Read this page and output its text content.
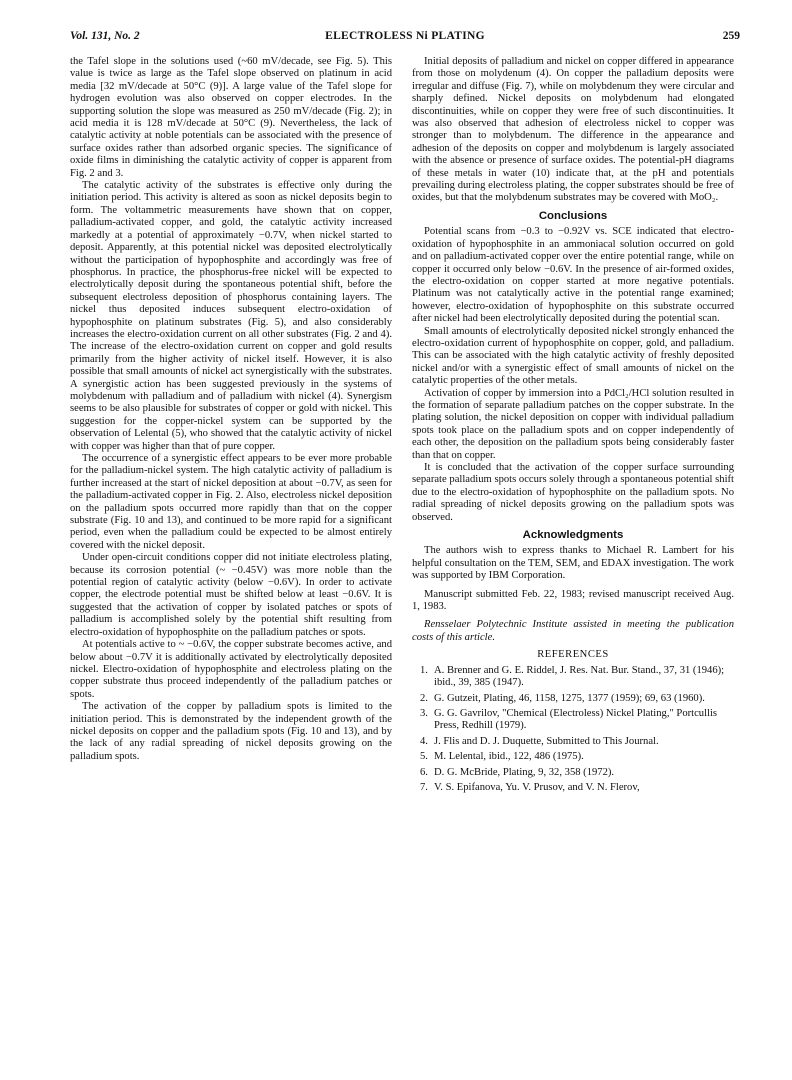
Vol. 131, No. 2	ELECTROLESS Ni PLATING	259

the Tafel slope in the solutions used (~60 mV/decade, see Fig. 5). This value is twice as large as the Tafel slope observed on platinum in acid media [32 mV/decade at 50°C (9)]. A large value of the Tafel slope for hydrogen evolution was also observed on copper electrodes. In the supporting solution the slope was measured as 250 mV/decade (Fig. 2); in acid media it is 128 mV/decade at 50°C (9). Nevertheless, the lack of catalytic activity at noble potentials can be associated with the presence of surface oxides rather than adsorbed organic species. The significance of oxide films in diminishing the catalytic activity of copper is apparent from Fig. 2 and 3.

The catalytic activity of the substrates is effective only during the initiation period. This activity is altered as soon as nickel deposits begin to form. The voltammetric measurements have shown that on copper, palladium-activated copper, and gold, the catalytic activity increased markedly at a potential of approximately −0.7V, when nickel started to deposit. Apparently, at this potential nickel was deposited electrolytically without the participation of hypophosphite and accordingly was free of phosphorus. In practice, the phosphorus-free nickel will be expected to electrolytically deposit during the spontaneous potential shift, before the subsequent electroless deposition of phosphorus containing layers. The nickel thus deposited induces subsequent electro-oxidation of hypophosphite on platinum substrates (Fig. 5), and also considerably increases the electro-oxidation current on all other substrates (Fig. 2 and 4). The increase of the electro-oxidation current on copper and gold results primarily from the higher activity of nickel itself. However, it is also possible that small amounts of nickel act synergistically with the substrates. A synergistic action has been suggested previously in the systems of molybdenum with palladium and of palladium with nickel (4). Synergism seems to be also plausible for substrates of copper or gold with nickel. This suggestion for the copper-nickel system can be supported by the observation of Lelental (5), who showed that the catalytic activity of nickel with copper was higher than that of pure copper.

The occurrence of a synergistic effect appears to be ever more probable for the palladium-nickel system. The high catalytic activity of palladium is further increased at the start of nickel deposition at about −0.7V, as seen for the palladium-activated copper in Fig. 2. Also, electroless nickel deposition on the palladium spots occurred more rapidly than that on the copper substrate (Fig. 10 and 13), and continued to be more rapid for a significant period, even when the palladium could be expected to be almost entirely covered with the nickel deposit.

Under open-circuit conditions copper did not initiate electroless plating, because its corrosion potential (~ −0.45V) was more noble than the potential region of catalytic activity (below −0.6V). In order to activate copper, the electrode potential must be shifted below at least −0.6V. It is suggested that the activation of copper by isolated patches or spots of palladium is accomplished solely by the potential shift resulting from electro-oxidation of hypophosphite on the palladium patches or spots.

At potentials active to ~ −0.6V, the copper substrate becomes active, and below about −0.7V it is additionally activated by electrolytically deposited nickel. Electro-oxidation of hypophosphite and electroless plating on the copper substrate thus proceed independently of the palladium patches or spots.

The activation of the copper by palladium spots is limited to the initiation period. This is demonstrated by the independent growth of the nickel deposits on copper and the palladium spots (Fig. 10 and 13), and by the lack of any radial spreading of nickel deposits growing on the palladium spots.

Initial deposits of palladium and nickel on copper differed in appearance from those on molydenum (4). On copper the palladium deposits were irregular and diffuse (Fig. 7), while on molybdenum they were circular and sharply defined. Nickel deposits on molybdenum had elongated discontinuities, while on copper they were free of such discontinuities. It was also observed that adhesion of electroless nickel to copper was stronger than to molybdenum. The difference in the appearance and adhesion of the deposits on copper and molybdenum is largely associated with the absence or presence of surface oxides. The potential-pH diagrams of these metals in water (10) indicate that, at the pH and potentials prevailing during electroless plating, the copper substrates should be free of oxides, but that the molybdenum substrates may be covered with MoO₂.

Conclusions

Potential scans from −0.3 to −0.92V vs. SCE indicated that electro-oxidation of hypophosphite in an ammoniacal solution occurred on gold and on palladium-activated copper over the entire potential range, while on copper it occurred only below −0.6V. In the presence of air-formed oxides, the electro-oxidation on copper started at more negative potentials. Platinum was not catalytically active in the potential range examined; however, electro-oxidation of hypophosphite on this substrate occurred after nickel had been electrolytically deposited during the potential scan.

Small amounts of electrolytically deposited nickel strongly enhanced the electro-oxidation current of hypophosphite on copper, gold, and palladium. This can be associated with the high catalytic activity of freshly deposited nickel and/or with a synergistic effect of small amounts of nickel on the catalytic properties of the other metals.

Activation of copper by immersion into a PdCl₂/HCl solution resulted in the formation of separate palladium patches on the copper substrate. In the plating solution, the nickel deposition on copper with individual palladium spots took place on the palladium spots and on copper independently of each other, the deposition on the palladium spots being considerably faster than that on copper.

It is concluded that the activation of the copper surface surrounding separate palladium spots occurs solely through a spontaneous potential shift due to the electro-oxidation of hypophosphite on the palladium spots. No radial spreading of nickel deposits growing on the palladium spots was observed.

Acknowledgments

The authors wish to express thanks to Michael R. Lambert for his helpful consultation on the TEM, SEM, and EDAX investigation. The work was supported by IBM Corporation.

Manuscript submitted Feb. 22, 1983; revised manuscript received Aug. 1, 1983.

Rensselaer Polytechnic Institute assisted in meeting the publication costs of this article.

REFERENCES
1. A. Brenner and G. E. Riddel, J. Res. Nat. Bur. Stand., 37, 31 (1946); ibid., 39, 385 (1947).
2. G. Gutzeit, Plating, 46, 1158, 1275, 1377 (1959); 69, 63 (1960).
3. G. G. Gavrilov, "Chemical (Electroless) Nickel Plating," Portcullis Press, Redhill (1979).
4. J. Flis and D. J. Duquette, Submitted to This Journal.
5. M. Lelental, ibid., 122, 486 (1975).
6. D. G. McBride, Plating, 9, 32, 358 (1972).
7. V. S. Epifanova, Yu. V. Prusov, and V. N. Flerov,
